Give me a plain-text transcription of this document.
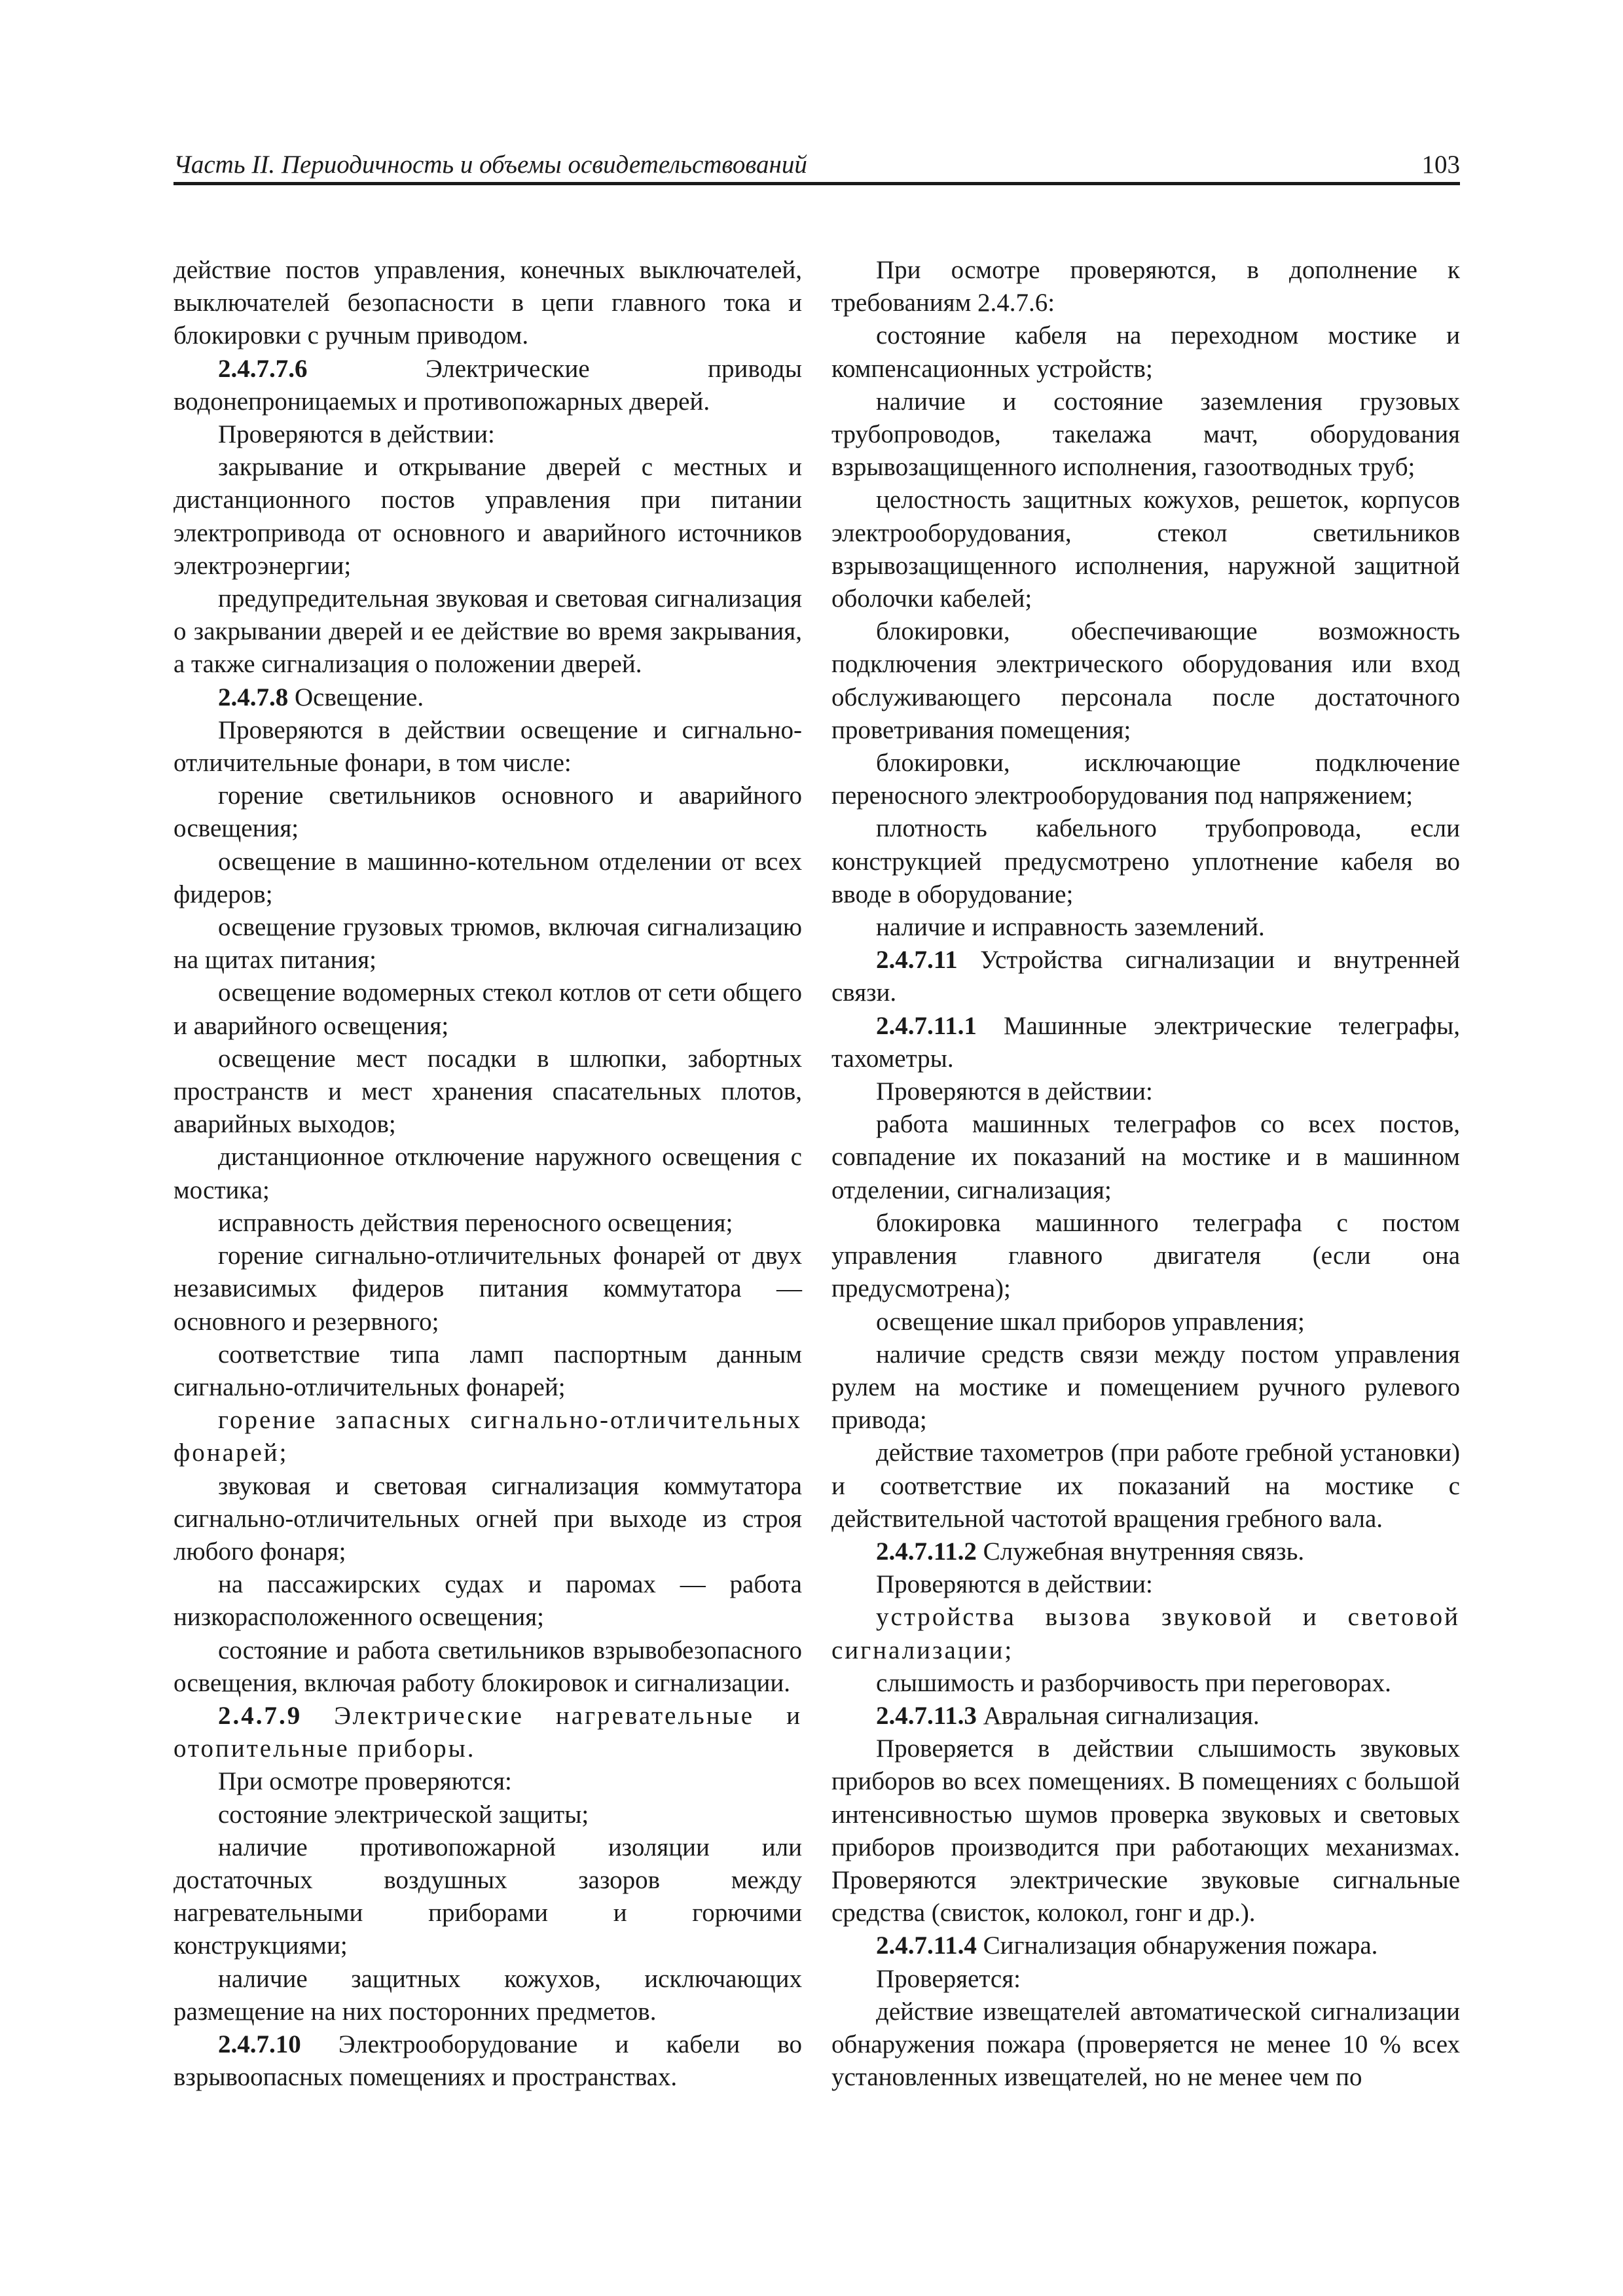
Часть II. Периодичность и объемы освидетельствований	103

действие постов управления, конечных выключателей, выключателей безопасности в цепи главного тока и блокировки с ручным приводом.

2.4.7.7.6 Электрические приводы водонепроницаемых и противопожарных дверей.

Проверяются в действии:

закрывание и открывание дверей с местных и дистанционного постов управления при питании электропривода от основного и аварийного источников электроэнергии;

предупредительная звуковая и световая сигнализация о закрывании дверей и ее действие во время закрывания, а также сигнализация о положении дверей.

2.4.7.8 Освещение.

Проверяются в действии освещение и сигнально-отличительные фонари, в том числе:

горение светильников основного и аварийного освещения;

освещение в машинно-котельном отделении от всех фидеров;

освещение грузовых трюмов, включая сигнализацию на щитах питания;

освещение водомерных стекол котлов от сети общего и аварийного освещения;

освещение мест посадки в шлюпки, забортных пространств и мест хранения спасательных плотов, аварийных выходов;

дистанционное отключение наружного освещения с мостика;

исправность действия переносного освещения;

горение сигнально-отличительных фонарей от двух независимых фидеров питания коммутатора — основного и резервного;

соответствие типа ламп паспортным данным сигнально-отличительных фонарей;

горение запасных сигнально-отличительных фонарей;

звуковая и световая сигнализация коммутатора сигнально-отличительных огней при выходе из строя любого фонаря;

на пассажирских судах и паромах — работа низкорасположенного освещения;

состояние и работа светильников взрывобезопасного освещения, включая работу блокировок и сигнализации.

2.4.7.9 Электрические нагревательные и отопительные приборы.

При осмотре проверяются:

состояние электрической защиты;

наличие противопожарной изоляции или достаточных воздушных зазоров между нагревательными приборами и горючими конструкциями;

наличие защитных кожухов, исключающих размещение на них посторонних предметов.

2.4.7.10 Электрооборудование и кабели во взрывоопасных помещениях и пространствах.

При осмотре проверяются, в дополнение к требованиям 2.4.7.6:

состояние кабеля на переходном мостике и компенсационных устройств;

наличие и состояние заземления грузовых трубопроводов, такелажа мачт, оборудования взрывозащищенного исполнения, газоотводных труб;

целостность защитных кожухов, решеток, корпусов электрооборудования, стекол светильников взрывозащищенного исполнения, наружной защитной оболочки кабелей;

блокировки, обеспечивающие возможность подключения электрического оборудования или вход обслуживающего персонала после достаточного проветривания помещения;

блокировки, исключающие подключение переносного электрооборудования под напряжением;

плотность кабельного трубопровода, если конструкцией предусмотрено уплотнение кабеля во вводе в оборудование;

наличие и исправность заземлений.

2.4.7.11 Устройства сигнализации и внутренней связи.

2.4.7.11.1 Машинные электрические телеграфы, тахометры.

Проверяются в действии:

работа машинных телеграфов со всех постов, совпадение их показаний на мостике и в машинном отделении, сигнализация;

блокировка машинного телеграфа с постом управления главного двигателя (если она предусмотрена);

освещение шкал приборов управления;

наличие средств связи между постом управления рулем на мостике и помещением ручного рулевого привода;

действие тахометров (при работе гребной установки) и соответствие их показаний на мостике с действительной частотой вращения гребного вала.

2.4.7.11.2 Служебная внутренняя связь.

Проверяются в действии:

устройства вызова звуковой и световой сигнализации;

слышимость и разборчивость при переговорах.

2.4.7.11.3 Авральная сигнализация.

Проверяется в действии слышимость звуковых приборов во всех помещениях. В помещениях с большой интенсивностью шумов проверка звуковых и световых приборов производится при работающих механизмах. Проверяются электрические звуковые сигнальные средства (свисток, колокол, гонг и др.).

2.4.7.11.4 Сигнализация обнаружения пожара.

Проверяется:

действие извещателей автоматической сигнализации обнаружения пожара (проверяется не менее 10 % всех установленных извещателей, но не менее чем по
